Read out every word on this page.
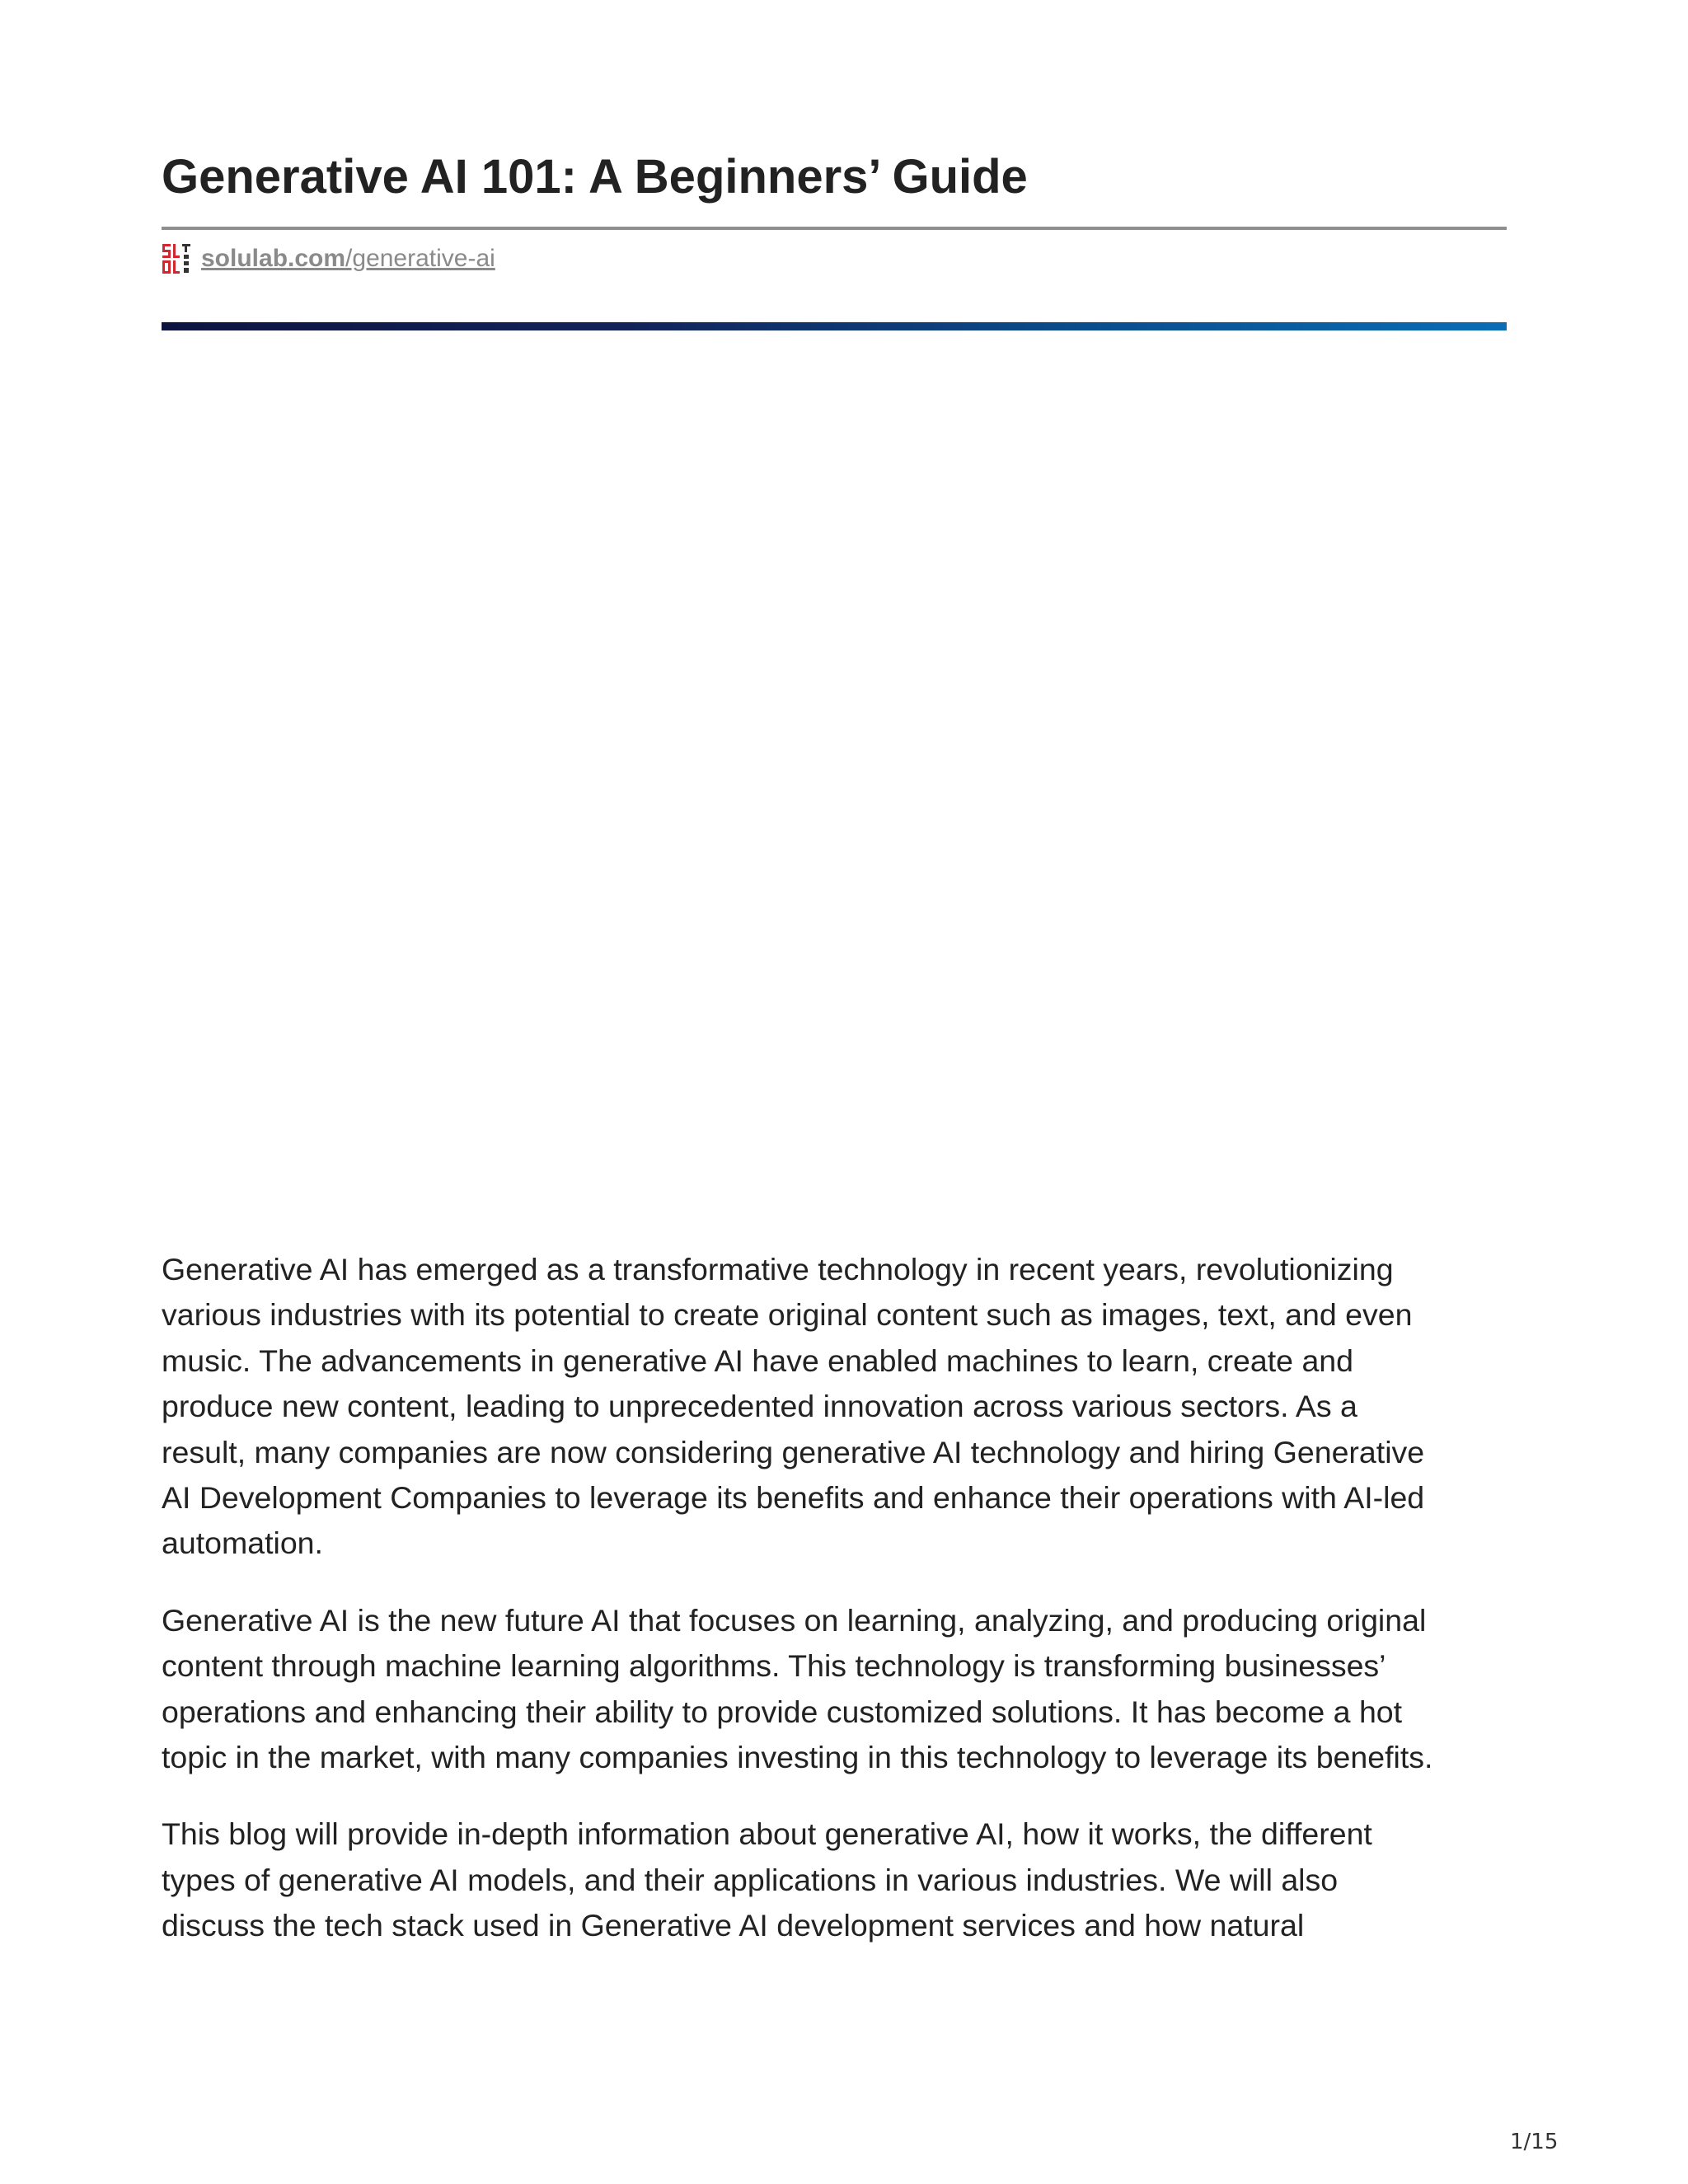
Generative AI 101: A Beginners’ Guide
solulab.com/generative-ai

Generative AI has emerged as a transformative technology in recent years, revolutionizing
various industries with its potential to create original content such as images, text, and even
music. The advancements in generative AI have enabled machines to learn, create and
produce new content, leading to unprecedented innovation across various sectors. As a
result, many companies are now considering generative AI technology and hiring Generative
AI Development Companies to leverage its benefits and enhance their operations with AI-led
automation.

Generative AI is the new future AI that focuses on learning, analyzing, and producing original
content through machine learning algorithms. This technology is transforming businesses’
operations and enhancing their ability to provide customized solutions. It has become a hot
topic in the market, with many companies investing in this technology to leverage its benefits.

This blog will provide in-depth information about generative AI, how it works, the different
types of generative AI models, and their applications in various industries. We will also
discuss the tech stack used in Generative AI development services and how natural

1/15
